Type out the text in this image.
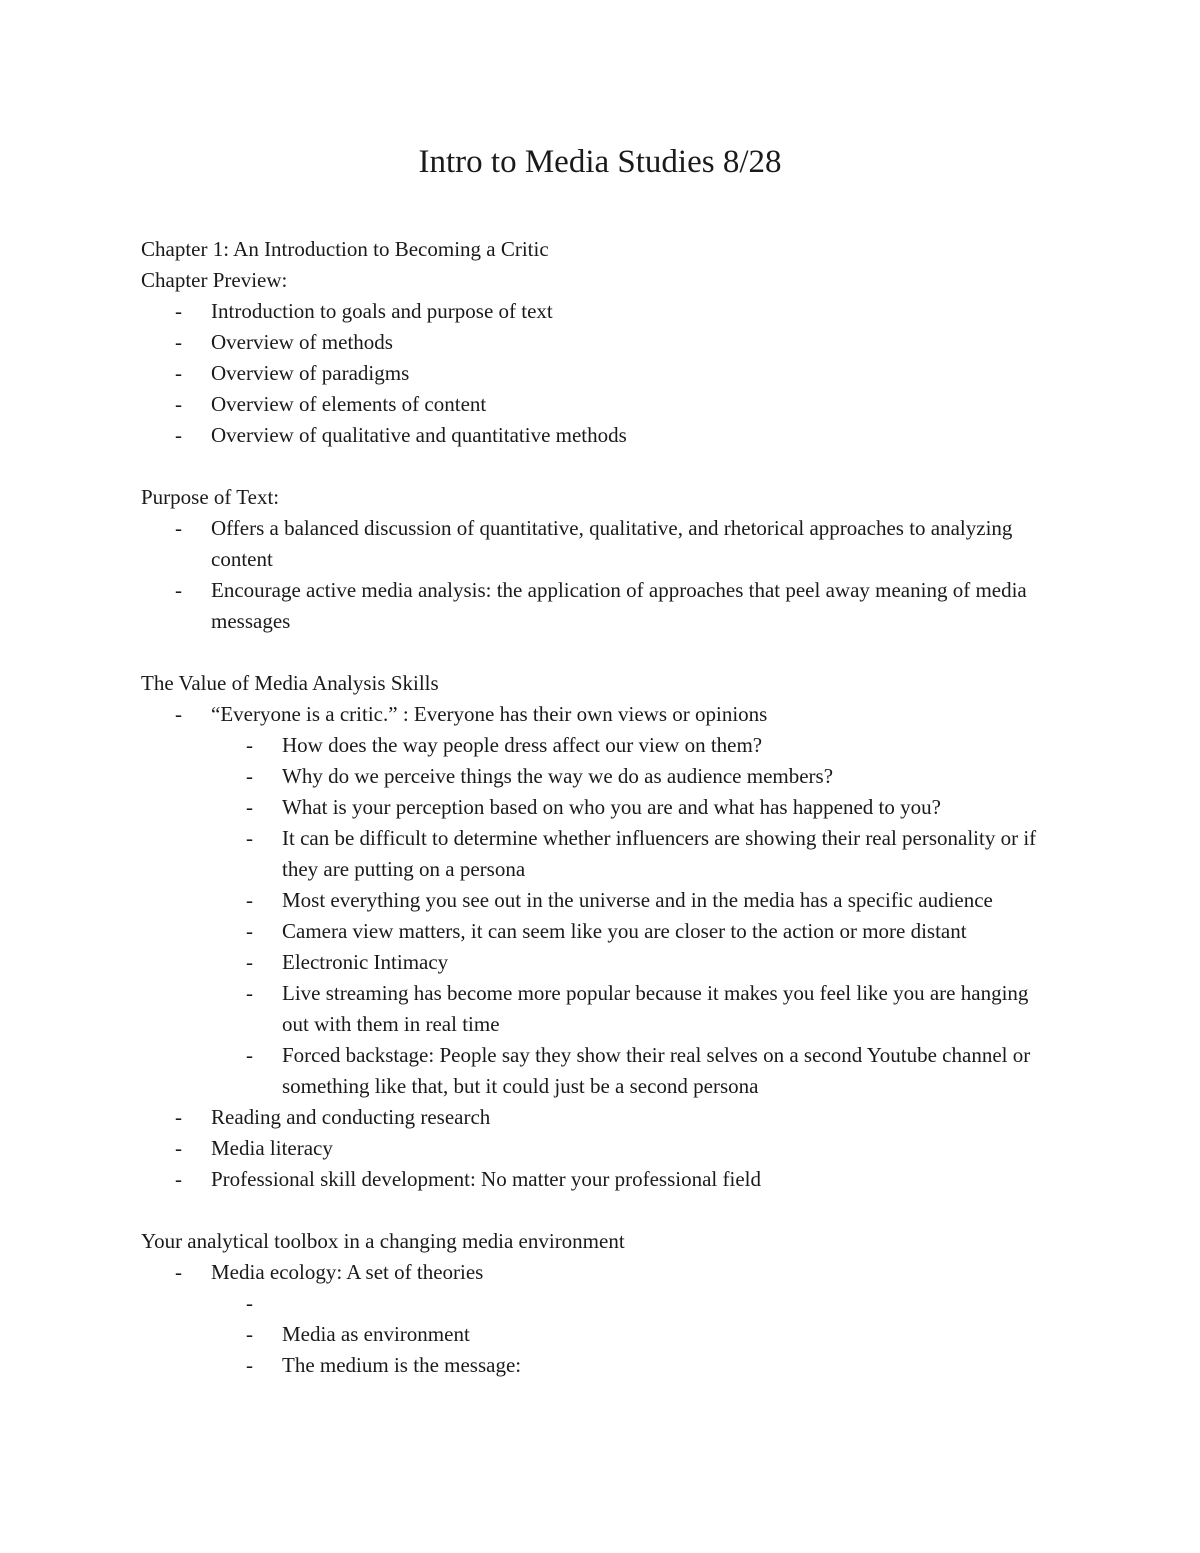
Intro to Media Studies 8/28

Chapter 1: An Introduction to Becoming a Critic

Chapter Preview:

-	Introduction to goals and purpose of text
-	Overview of methods
-	Overview of paradigms
-	Overview of elements of content
-	Overview of qualitative and quantitative methods

Purpose of Text:

-	Offers a balanced discussion of quantitative, qualitative, and rhetorical approaches to analyzing content
-	Encourage active media analysis: the application of approaches that peel away meaning of media messages

The Value of Media Analysis Skills

-	“Everyone is a critic.” : Everyone has their own views or opinions
-	How does the way people dress affect our view on them?
-	Why do we perceive things the way we do as audience members?
-	What is your perception based on who you are and what has happened to you?
-	It can be difficult to determine whether influencers are showing their real personality or if they are putting on a persona
-	Most everything you see out in the universe and in the media has a specific audience
-	Camera view matters, it can seem like you are closer to the action or more distant
-	Electronic Intimacy
-	Live streaming has become more popular because it makes you feel like you are hanging out with them in real time
-	Forced backstage: People say they show their real selves on a second Youtube channel or something like that, but it could just be a second persona
-	Reading and conducting research
-	Media literacy
-	Professional skill development: No matter your professional field

Your analytical toolbox in a changing media environment

-	Media ecology: A set of theories
-
-	Media as environment
-	The medium is the message:
